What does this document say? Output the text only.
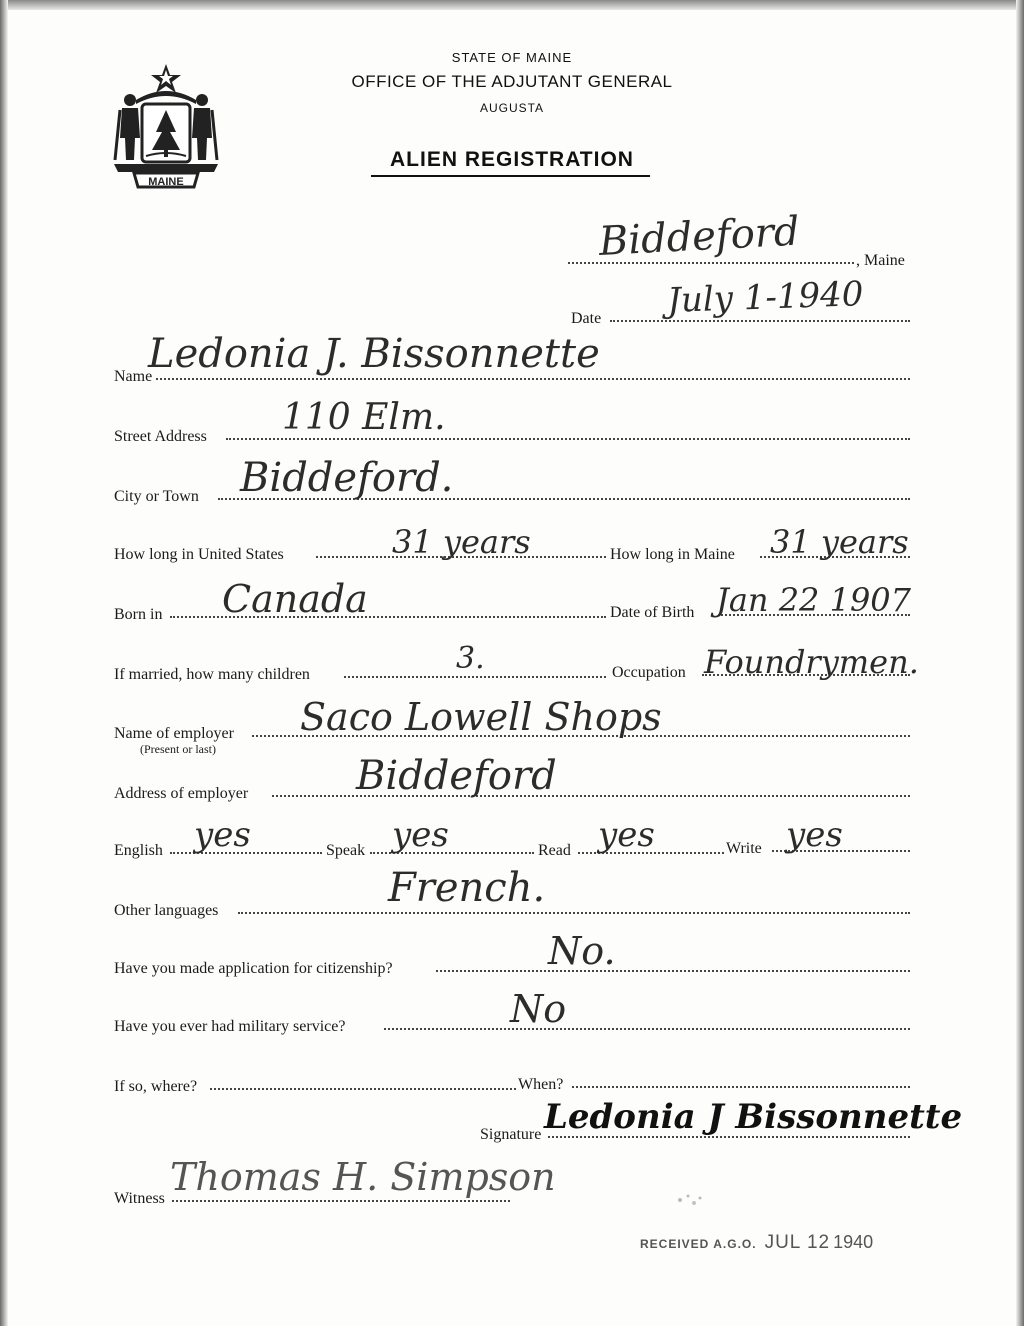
MAINE
STATE OF MAINE
OFFICE OF THE ADJUTANT GENERAL
AUGUSTA
ALIEN REGISTRATION
, Maine
Biddeford
Date July 1-1940
Name
Ledonia J. Bissonnette
Street Address 110 Elm.
City or Town Biddeford.
How long in United States	31 years	How long in Maine 31 years
Born in Canada	Date of Birth Jan 22 1907
If married, how many children	3.	Occupation Foundrymen.
Name of employer
(Present or last)
Saco Lowell Shops
Address of employer	Biddeford
English yes	Speak yes	Read yes	Write yes
Other languages	French.
Have you made application for citizenship?	No.
Have you ever had military service?	No
If so, where?	When?
Signature Ledonia J Bissonnette
Witness Thomas H. Simpson
RECEIVED A.G.O. JUL 12 1940
